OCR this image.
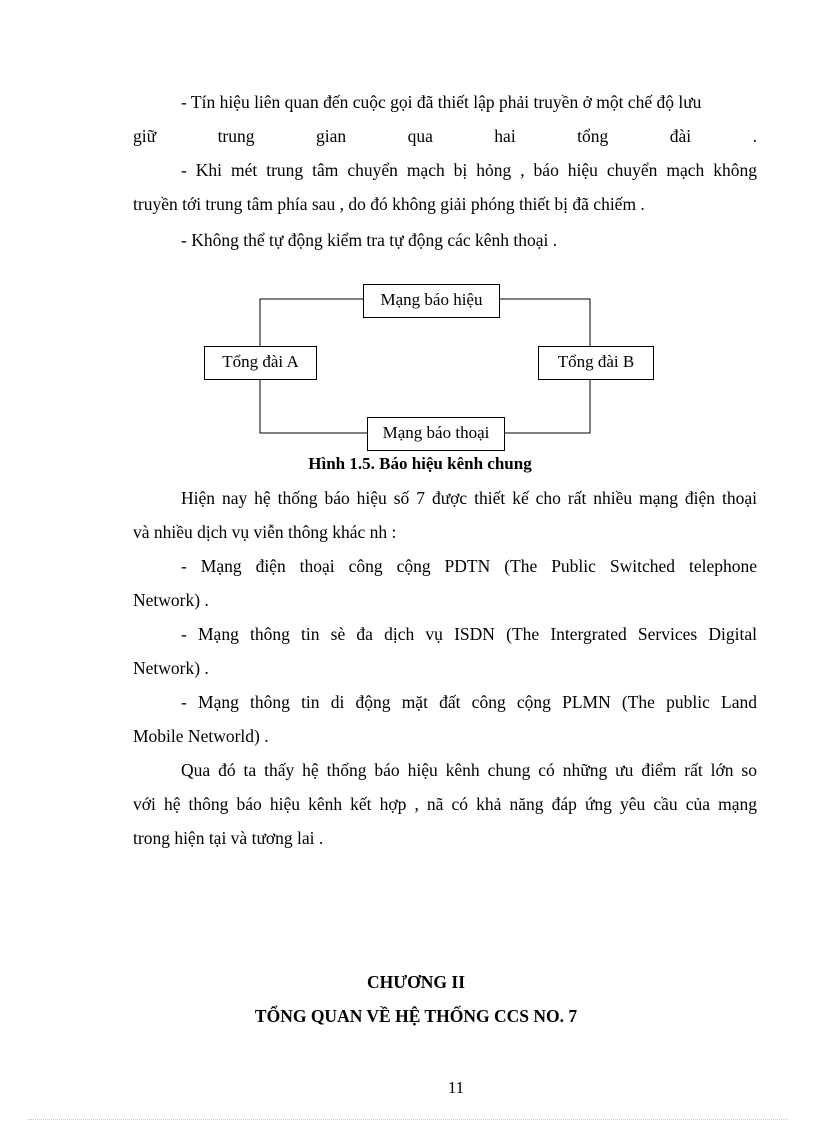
- Tín hiệu liên quan đến cuộc gọi đã thiết lập phải truyền ở một chế độ lưu
giữ	trung	gian	qua	hai	tổng	đài	.
- Khi mét trung tâm chuyển mạch bị hỏng , báo hiệu chuyển mạch không
truyền tới trung tâm phía sau , do đó không giải phóng thiết bị đã chiếm .
- Không thể tự động kiểm tra tự động các kênh thoại .
Mạng báo hiệu
Tổng đài A	Tổng đài B
Mạng báo thoại
Hình 1.5. Báo hiệu kênh chung
Hiện nay hệ thống báo hiệu số 7 được thiết kế cho rất nhiều mạng điện thoại
và nhiều dịch vụ viễn thông khác nh :
- Mạng điện thoại công cộng PDTN (The Public Switched telephone
Network) .
- Mạng thông tin sè đa dịch vụ ISDN (The Intergrated Services Digital
Network) .
- Mạng thông tin di động mặt đất công cộng PLMN (The public Land
Mobile Networld) .
Qua đó ta thấy hệ thống báo hiệu kênh chung có những ưu điểm rất lớn so
với hệ thông báo hiệu kênh kết hợp , nã có khả năng đáp ứng yêu cầu của mạng
trong hiện tại và tương lai .
CHƯƠNG II
TỔNG QUAN VỀ HỆ THỐNG CCS NO. 7
11
